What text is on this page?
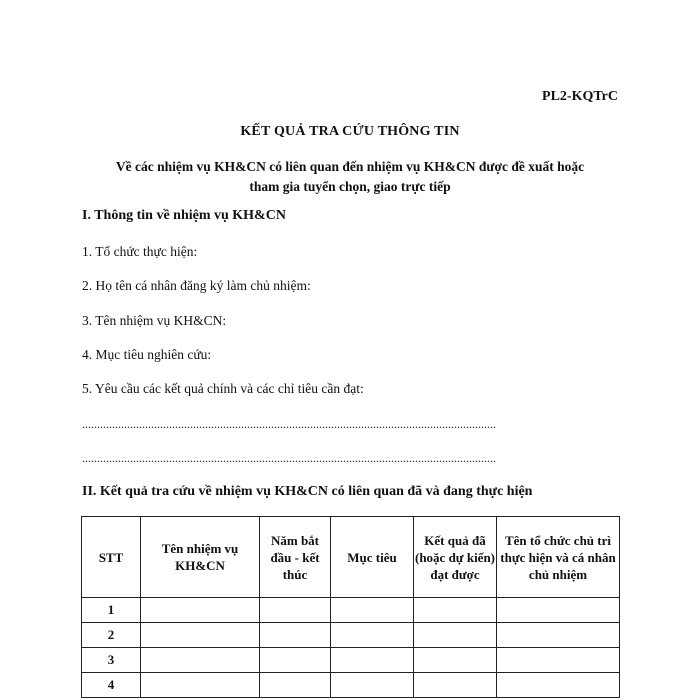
PL2-KQTrC
KẾT QUẢ TRA CỨU THÔNG TIN
Về các nhiệm vụ KH&CN có liên quan đến nhiệm vụ KH&CN được đề xuất hoặc
tham gia tuyển chọn, giao trực tiếp
I. Thông tin về nhiệm vụ KH&CN
1. Tổ chức thực hiện:
2. Họ tên cá nhân đăng ký làm chủ nhiệm:
3. Tên nhiệm vụ KH&CN:
4. Mục tiêu nghiên cứu:
5. Yêu cầu các kết quả chính và các chỉ tiêu cần đạt:
..........................................................................................................................................
..........................................................................................................................................
II. Kết quả tra cứu về nhiệm vụ KH&CN có liên quan đã và đang thực hiện
STT	Tên nhiệm vụ KH&CN	Năm bắt đầu - kết thúc	Mục tiêu	Kết quả đã (hoặc dự kiến) đạt được	Tên tổ chức chủ trì thực hiện và cá nhân chủ nhiệm
1					
2					
3					
4					
